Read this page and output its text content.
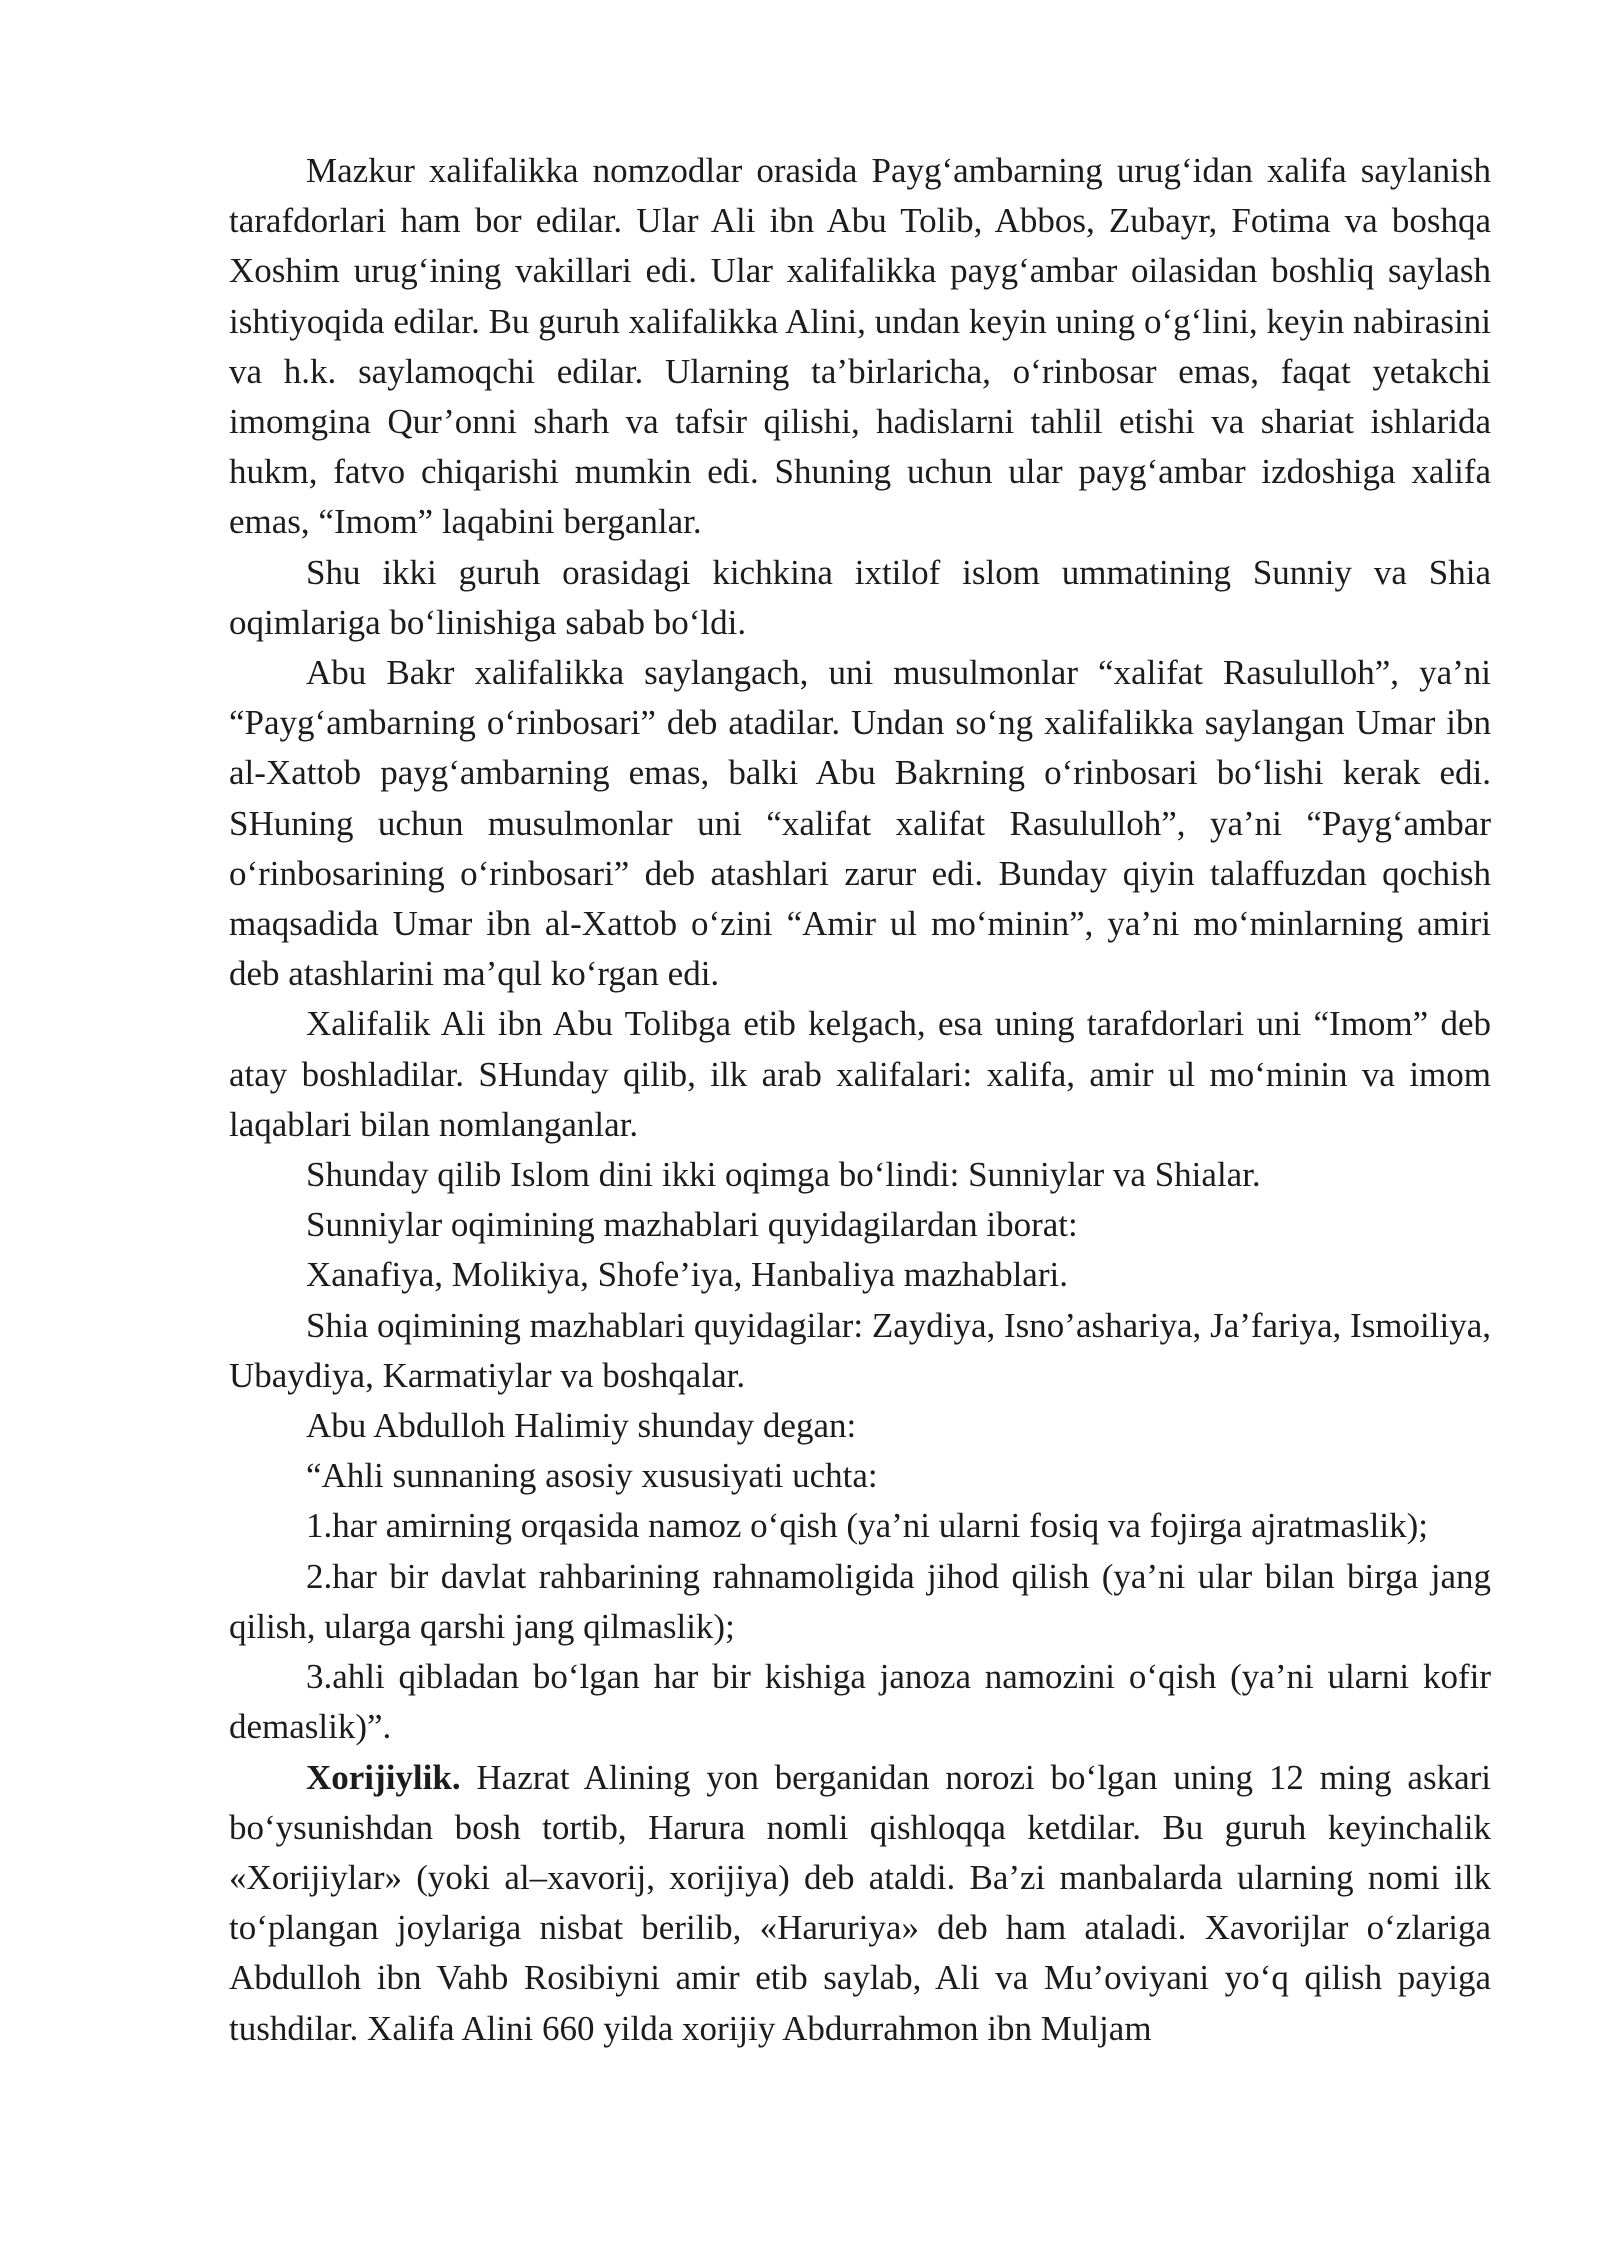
Mazkur xalifalikka nomzodlar orasida Payg‘ambarning urug‘idan xalifa saylanish tarafdorlari ham bor edilar. Ular Ali ibn Abu Tolib, Abbos, Zubayr, Fotima va boshqa Xoshim urug‘ining vakillari edi. Ular xalifalikka payg‘ambar oilasidan boshliq saylash ishtiyoqida edilar. Bu guruh xalifalikka Alini, undan keyin uning o‘g‘lini, keyin nabirasini va h.k. saylamoqchi edilar. Ularning ta’birlaricha, o‘rinbosar emas, faqat yetakchi imomgina Qur’onni sharh va tafsir qilishi, hadislarni tahlil etishi va shariat ishlarida hukm, fatvo chiqarishi mumkin edi. Shuning uchun ular payg‘ambar izdoshiga xalifa emas, “Imom” laqabini berganlar.

Shu ikki guruh orasidagi kichkina ixtilof islom ummatining Sunniy va Shia oqimlariga bo‘linishiga sabab bo‘ldi.

Abu Bakr xalifalikka saylangach, uni musulmonlar “xalifat Rasululloh”, ya’ni “Payg‘ambarning o‘rinbosari” deb atadilar. Undan so‘ng xalifalikka saylangan Umar ibn al-Xattob payg‘ambarning emas, balki Abu Bakrning o‘rinbosari bo‘lishi kerak edi. SHuning uchun musulmonlar uni “xalifat xalifat Rasululloh”, ya’ni “Payg‘ambar o‘rinbosarining o‘rinbosari” deb atashlari zarur edi. Bunday qiyin talaffuzdan qochish maqsadida Umar ibn al-Xattob o‘zini “Amir ul mo‘minin”, ya’ni mo‘minlarning amiri deb atashlarini ma’qul ko‘rgan edi.

Xalifalik Ali ibn Abu Tolibga etib kelgach, esa uning tarafdorlari uni “Imom” deb atay boshladilar. SHunday qilib, ilk arab xalifalari: xalifa, amir ul mo‘minin va imom laqablari bilan nomlanganlar.

Shunday qilib Islom dini ikki oqimga bo‘lindi: Sunniylar va Shialar.

Sunniylar oqimining mazhablari quyidagilardan iborat:

Xanafiya, Molikiya, Shofe’iya, Hanbaliya mazhablari.

Shia oqimining mazhablari quyidagilar: Zaydiya, Isno’ashariya, Ja’fariya, Ismoiliya, Ubaydiya, Karmatiylar va boshqalar.

Abu Abdulloh Halimiy shunday degan:

“Ahli sunnaning asosiy xususiyati uchta:

1.har amirning orqasida namoz o‘qish (ya’ni ularni fosiq va fojirga ajratmaslik);

2.har bir davlat rahbarining rahnamoligida jihod qilish (ya’ni ular bilan birga jang qilish, ularga qarshi jang qilmaslik);

3.ahli qibladan bo‘lgan har bir kishiga janoza namozini o‘qish (ya’ni ularni kofir demaslik)”.

Xorijiylik. Hazrat Alining yon berganidan norozi bo‘lgan uning 12 ming askari bo‘ysunishdan bosh tortib, Harura nomli qishloqqa ketdilar. Bu guruh keyinchalik «Xorijiylar» (yoki al–xavorij, xorijiya) deb ataldi. Ba’zi manbalarda ularning nomi ilk to‘plangan joylariga nisbat berilib, «Haruriya» deb ham ataladi. Xavorijlar o‘zlariga Abdulloh ibn Vahb Rosibiyni amir etib saylab, Ali va Mu’oviyani yo‘q qilish payiga tushdilar. Xalifa Alini 660 yilda xorijiy Abdurrahmon ibn Muljam
